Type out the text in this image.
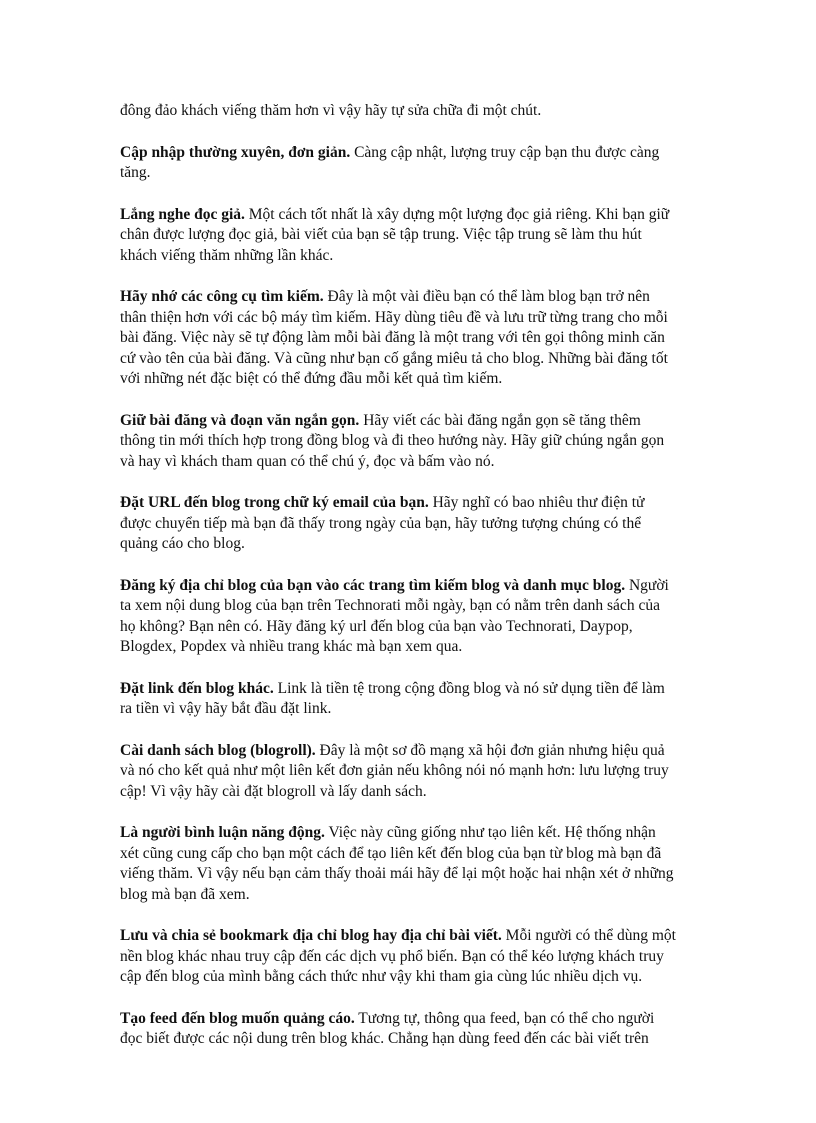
đông đảo khách viếng thăm hơn vì vậy hãy tự sửa chữa đi một chút.

Cập nhập thường xuyên, đơn giản. Càng cập nhật, lượng truy cập bạn thu được càng
tăng.

Lắng nghe đọc giả. Một cách tốt nhất là xây dựng một lượng đọc giả riêng. Khi bạn giữ
chân được lượng đọc giả, bài viết của bạn sẽ tập trung. Việc tập trung sẽ làm thu hút
khách viếng thăm những lần khác.

Hãy nhớ các công cụ tìm kiếm. Đây là một vài điều bạn có thể làm blog bạn trở nên
thân thiện hơn với các bộ máy tìm kiếm. Hãy dùng tiêu đề và lưu trữ từng trang cho mỗi
bài đăng. Việc này sẽ tự động làm mỗi bài đăng là một trang với tên gọi thông minh căn
cứ vào tên của bài đăng. Và cũng như bạn cố gắng miêu tả cho blog. Những bài đăng tốt
với những nét đặc biệt có thể đứng đầu mỗi kết quả tìm kiếm.

Giữ bài đăng và đoạn văn ngắn gọn. Hãy viết các bài đăng ngắn gọn sẽ tăng thêm
thông tin mới thích hợp trong đồng blog và đi theo hướng này. Hãy giữ chúng ngắn gọn
và hay vì khách tham quan có thể chú ý, đọc và bấm vào nó.

Đặt URL đến blog trong chữ ký email của bạn. Hãy nghĩ có bao nhiêu thư điện tử
được chuyển tiếp mà bạn đã thấy trong ngày của bạn, hãy tưởng tượng chúng có thể
quảng cáo cho blog.

Đăng ký địa chỉ blog của bạn vào các trang tìm kiếm blog và danh mục blog. Người
ta xem nội dung blog của bạn trên Technorati mỗi ngày, bạn có nằm trên danh sách của
họ không? Bạn nên có. Hãy đăng ký url đến blog của bạn vào Technorati, Daypop,
Blogdex, Popdex và nhiều trang khác mà bạn xem qua.

Đặt link đến blog khác. Link là tiền tệ trong cộng đồng blog và nó sử dụng tiền để làm
ra tiền vì vậy hãy bắt đầu đặt link.

Cài danh sách blog (blogroll). Đây là một sơ đồ mạng xã hội đơn giản nhưng hiệu quả
và nó cho kết quả như một liên kết đơn giản nếu không nói nó mạnh hơn: lưu lượng truy
cập! Vì vậy hãy cài đặt blogroll và lấy danh sách.

Là người bình luận năng động. Việc này cũng giống như tạo liên kết. Hệ thống nhận
xét cũng cung cấp cho bạn một cách để tạo liên kết đến blog của bạn từ blog mà bạn đã
viếng thăm. Vì vậy nếu bạn cảm thấy thoải mái hãy để lại một hoặc hai nhận xét ở những
blog mà bạn đã xem.

Lưu và chia sẻ bookmark địa chỉ blog hay địa chỉ bài viết. Mỗi người có thể dùng một
nền blog khác nhau truy cập đến các dịch vụ phổ biến. Bạn có thể kéo lượng khách truy
cập đến blog của mình bằng cách thức như vậy khi tham gia cùng lúc nhiều dịch vụ.

Tạo feed đến blog muốn quảng cáo. Tương tự, thông qua feed, bạn có thể cho người
đọc biết được các nội dung trên blog khác. Chẳng hạn dùng feed đến các bài viết trên
